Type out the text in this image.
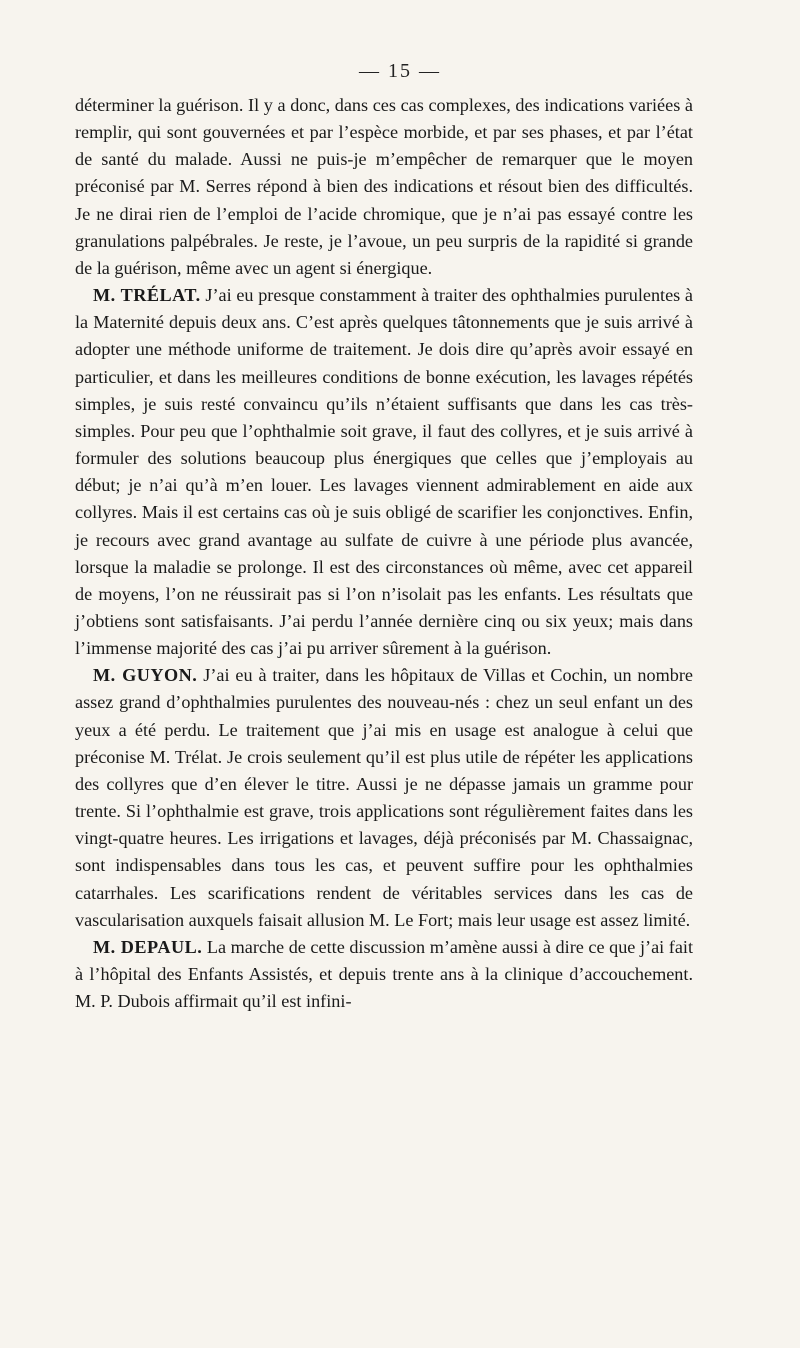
— 15 —

déterminer la guérison. Il y a donc, dans ces cas complexes, des indications variées à remplir, qui sont gouvernées et par l’espèce morbide, et par ses phases, et par l’état de santé du malade. Aussi ne puis-je m’empêcher de remarquer que le moyen préconisé par M. Serres répond à bien des indications et résout bien des difficultés. Je ne dirai rien de l’emploi de l’acide chromique, que je n’ai pas essayé contre les granulations palpébrales. Je reste, je l’avoue, un peu surpris de la rapidité si grande de la guérison, même avec un agent si énergique.

M. TRÉLAT. J’ai eu presque constamment à traiter des ophthalmies purulentes à la Maternité depuis deux ans. C’est après quelques tâtonnements que je suis arrivé à adopter une méthode uniforme de traitement. Je dois dire qu’après avoir essayé en particulier, et dans les meilleures conditions de bonne exécution, les lavages répétés simples, je suis resté convaincu qu’ils n’étaient suffisants que dans les cas très-simples. Pour peu que l’ophthalmie soit grave, il faut des collyres, et je suis arrivé à formuler des solutions beaucoup plus énergiques que celles que j’employais au début; je n’ai qu’à m’en louer. Les lavages viennent admirablement en aide aux collyres. Mais il est certains cas où je suis obligé de scarifier les conjonctives. Enfin, je recours avec grand avantage au sulfate de cuivre à une période plus avancée, lorsque la maladie se prolonge. Il est des circonstances où même, avec cet appareil de moyens, l’on ne réussirait pas si l’on n’isolait pas les enfants. Les résultats que j’obtiens sont satisfaisants. J’ai perdu l’année dernière cinq ou six yeux; mais dans l’immense majorité des cas j’ai pu arriver sûrement à la guérison.

M. GUYON. J’ai eu à traiter, dans les hôpitaux de Villas et Cochin, un nombre assez grand d’ophthalmies purulentes des nouveau-nés : chez un seul enfant un des yeux a été perdu. Le traitement que j’ai mis en usage est analogue à celui que préconise M. Trélat. Je crois seulement qu’il est plus utile de répéter les applications des collyres que d’en élever le titre. Aussi je ne dépasse jamais un gramme pour trente. Si l’ophthalmie est grave, trois applications sont régulièrement faites dans les vingt-quatre heures. Les irrigations et lavages, déjà préconisés par M. Chassaignac, sont indispensables dans tous les cas, et peuvent suffire pour les ophthalmies catarrhales. Les scarifications rendent de véritables services dans les cas de vascularisation auxquels faisait allusion M. Le Fort; mais leur usage est assez limité.

M. DEPAUL. La marche de cette discussion m’amène aussi à dire ce que j’ai fait à l’hôpital des Enfants Assistés, et depuis trente ans à la clinique d’accouchement. M. P. Dubois affirmait qu’il est infini-
